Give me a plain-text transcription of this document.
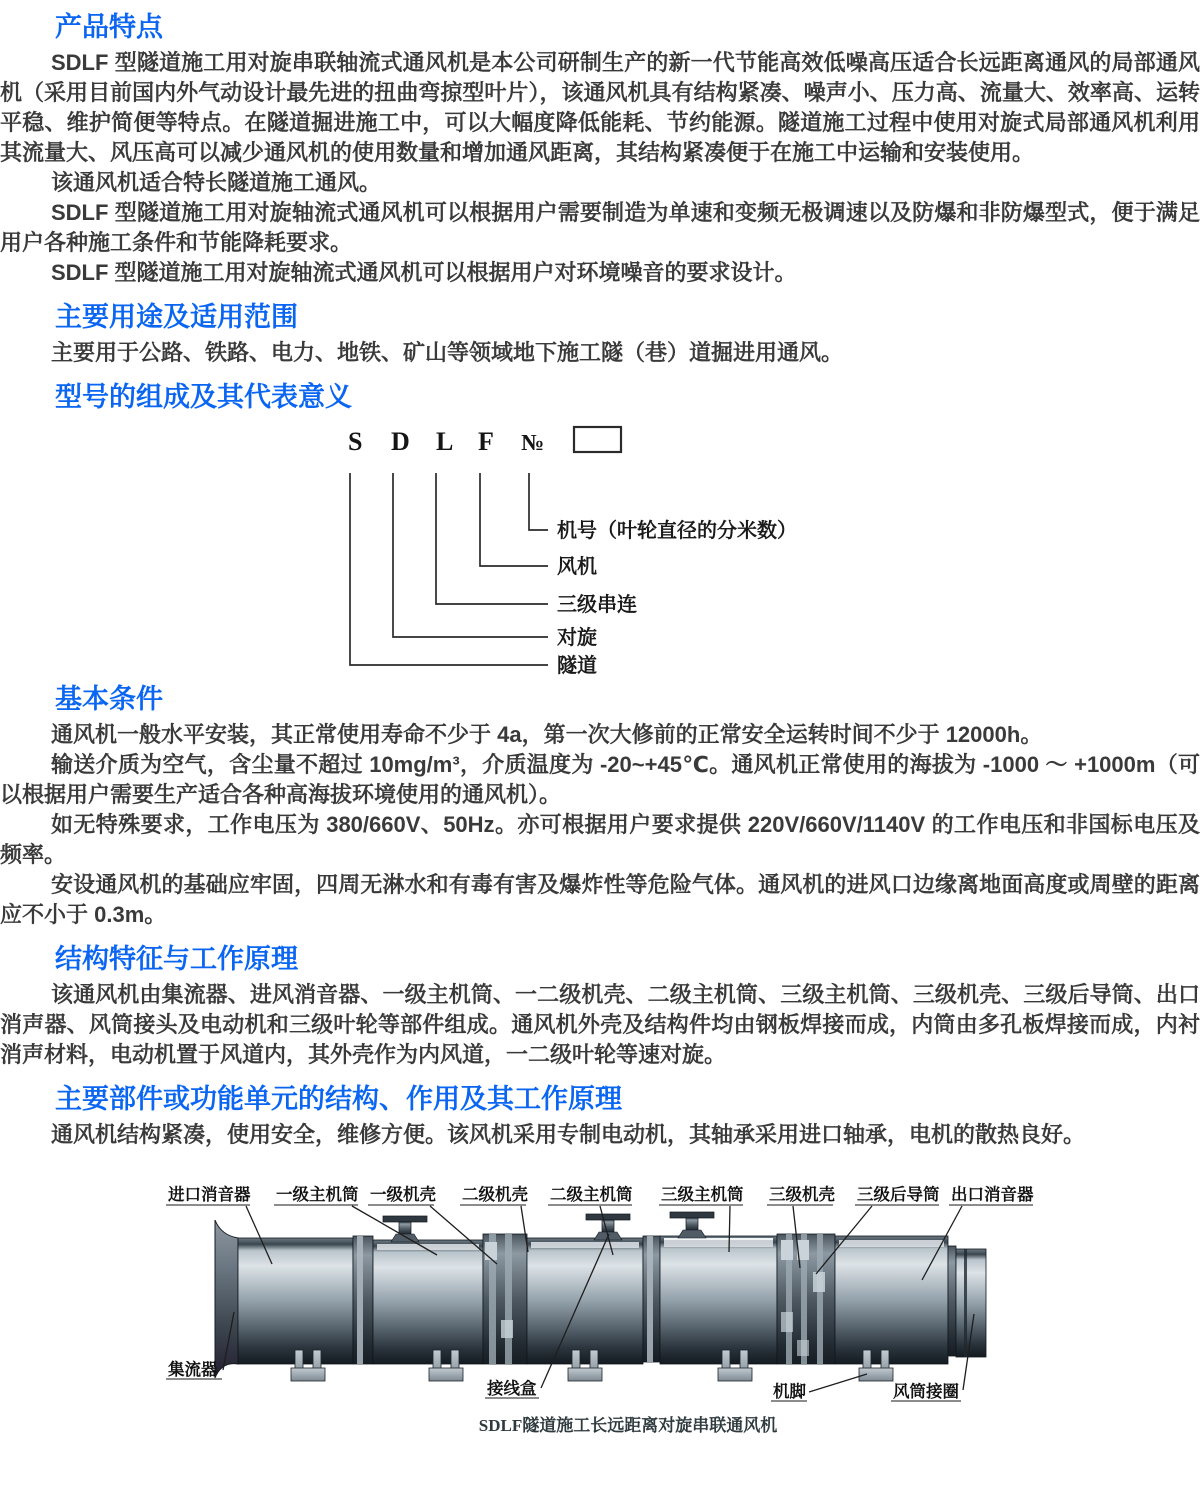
产品特点

SDLF 型隧道施工用对旋串联轴流式通风机是本公司研制生产的新一代节能高效低噪高压适合长远距离通风的局部通风机（采用目前国内外气动设计最先进的扭曲弯掠型叶片），该通风机具有结构紧凑、噪声小、压力高、流量大、效率高、运转平稳、维护简便等特点。在隧道掘进施工中，可以大幅度降低能耗、节约能源。隧道施工过程中使用对旋式局部通风机利用其流量大、风压高可以减少通风机的使用数量和增加通风距离，其结构紧凑便于在施工中运输和安装使用。

该通风机适合特长隧道施工通风。

SDLF 型隧道施工用对旋轴流式通风机可以根据用户需要制造为单速和变频无极调速以及防爆和非防爆型式，便于满足用户各种施工条件和节能降耗要求。

SDLF 型隧道施工用对旋轴流式通风机可以根据用户对环境噪音的要求设计。

主要用途及适用范围

主要用于公路、铁路、电力、地铁、矿山等领域地下施工隧（巷）道掘进用通风。

型号的组成及其代表意义
S D L F №
机号（叶轮直径的分米数）
风机
三级串连
对旋
隧道
基本条件

通风机一般水平安装，其正常使用寿命不少于 4a，第一次大修前的正常安全运转时间不少于 12000h。

输送介质为空气，含尘量不超过 10mg/m³，介质温度为 -20~+45℃。通风机正常使用的海拔为 -1000 ～ +1000m（可以根据用户需要生产适合各种高海拔环境使用的通风机）。

如无特殊要求，工作电压为 380/660V、50Hz。亦可根据用户要求提供 220V/660V/1140V 的工作电压和非国标电压及频率。

安设通风机的基础应牢固，四周无淋水和有毒有害及爆炸性等危险气体。通风机的进风口边缘离地面高度或周壁的距离应不小于 0.3m。

结构特征与工作原理

该通风机由集流器、进风消音器、一级主机筒、一二级机壳、二级主机筒、三级主机筒、三级机壳、三级后导筒、出口消声器、风筒接头及电动机和三级叶轮等部件组成。通风机外壳及结构件均由钢板焊接而成，内筒由多孔板焊接而成，内衬消声材料，电动机置于风道内，其外壳作为内风道，一二级叶轮等速对旋。

主要部件或功能单元的结构、作用及其工作原理

通风机结构紧凑，使用安全，维修方便。该风机采用专制电动机，其轴承采用进口轴承，电机的散热良好。

进口消音器 一级主机筒 一级机壳 二级机壳 二级主机筒 三级主机筒 三级机壳 三级后导筒 出口消音器
集流器
接线盒	机脚	风筒接圈
SDLF隧道施工长远距离对旋串联通风机
